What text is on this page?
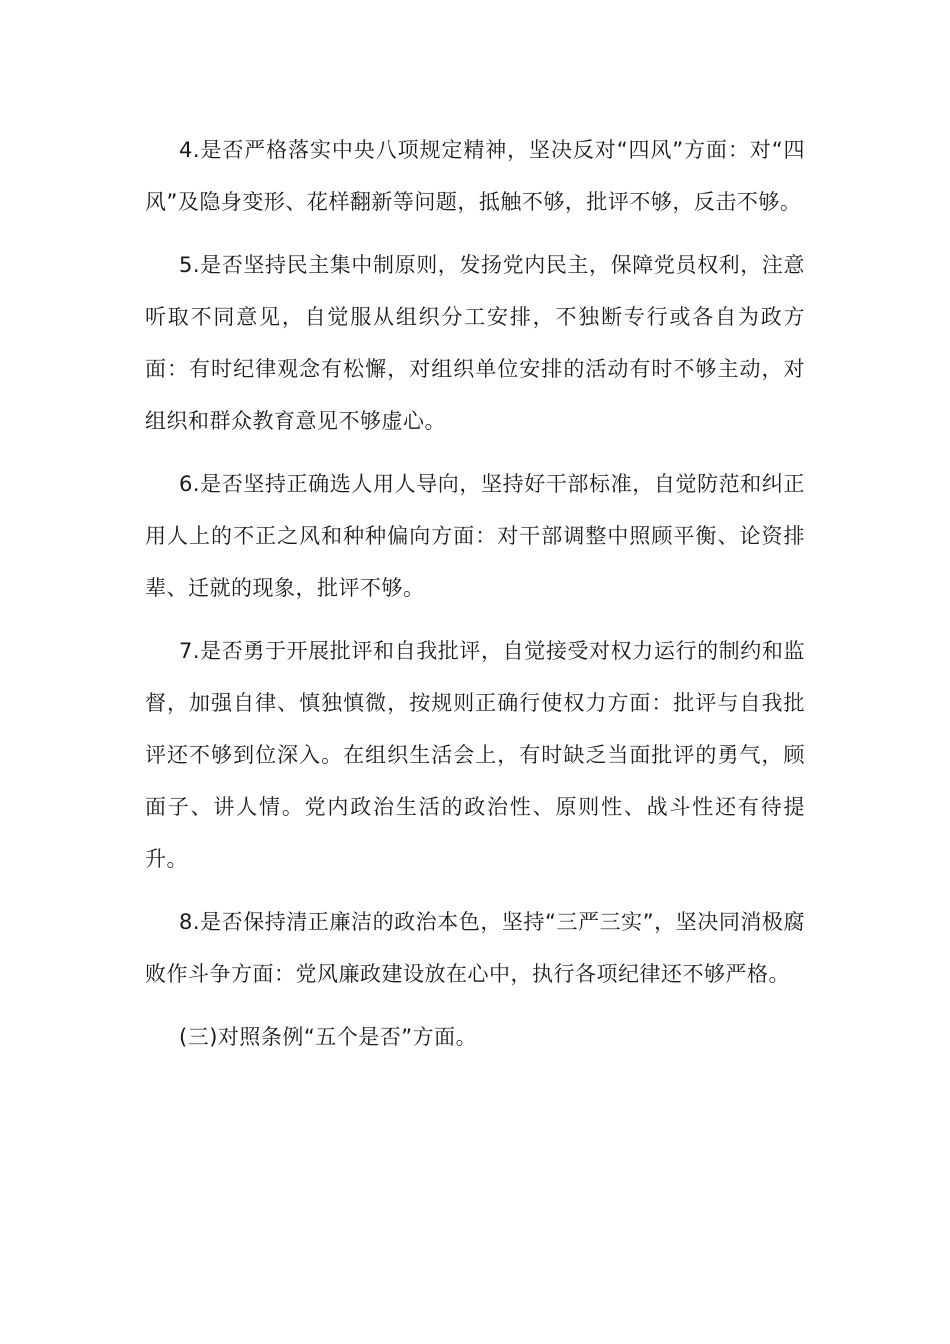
4.是否严格落实中央八项规定精神，坚决反对“四风”方面：对“四风”及隐身变形、花样翻新等问题，抵触不够，批评不够，反击不够。

5.是否坚持民主集中制原则，发扬党内民主，保障党员权利，注意听取不同意见，自觉服从组织分工安排，不独断专行或各自为政方面：有时纪律观念有松懈，对组织单位安排的活动有时不够主动，对组织和群众教育意见不够虚心。

6.是否坚持正确选人用人导向，坚持好干部标准，自觉防范和纠正用人上的不正之风和种种偏向方面：对干部调整中照顾平衡、论资排辈、迁就的现象，批评不够。

7.是否勇于开展批评和自我批评，自觉接受对权力运行的制约和监督，加强自律、慎独慎微，按规则正确行使权力方面：批评与自我批评还不够到位深入。在组织生活会上，有时缺乏当面批评的勇气，顾面子、讲人情。党内政治生活的政治性、原则性、战斗性还有待提升。

8.是否保持清正廉洁的政治本色，坚持“三严三实”，坚决同消极腐败作斗争方面：党风廉政建设放在心中，执行各项纪律还不够严格。

(三)对照条例“五个是否”方面。
